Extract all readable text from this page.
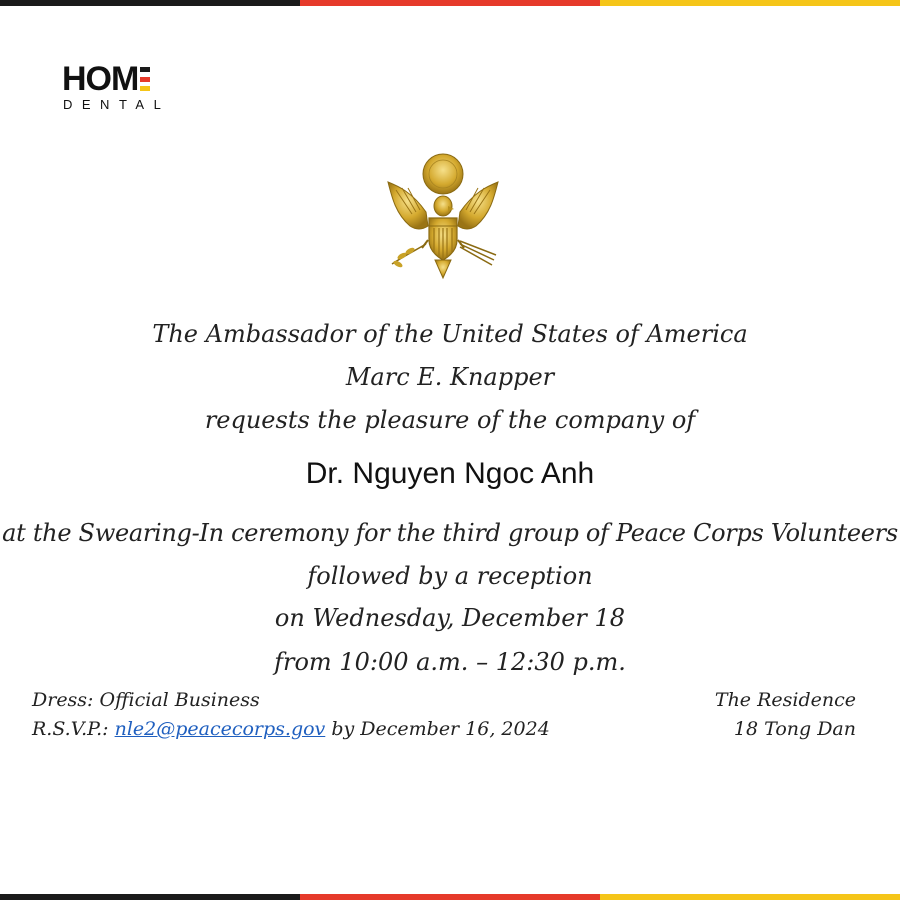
HOM
DENTAL
The Ambassador of the United States of America
Marc E. Knapper
requests the pleasure of the company of
Dr. Nguyen Ngoc Anh
at the Swearing-In ceremony for the third group of Peace Corps Volunteers
followed by a reception
on Wednesday, December 18
from 10:00 a.m. – 12:30 p.m.
Dress: Official Business
R.S.V.P.: nle2@peacecorps.gov by December 16, 2024
The Residence
18 Tong Dan
